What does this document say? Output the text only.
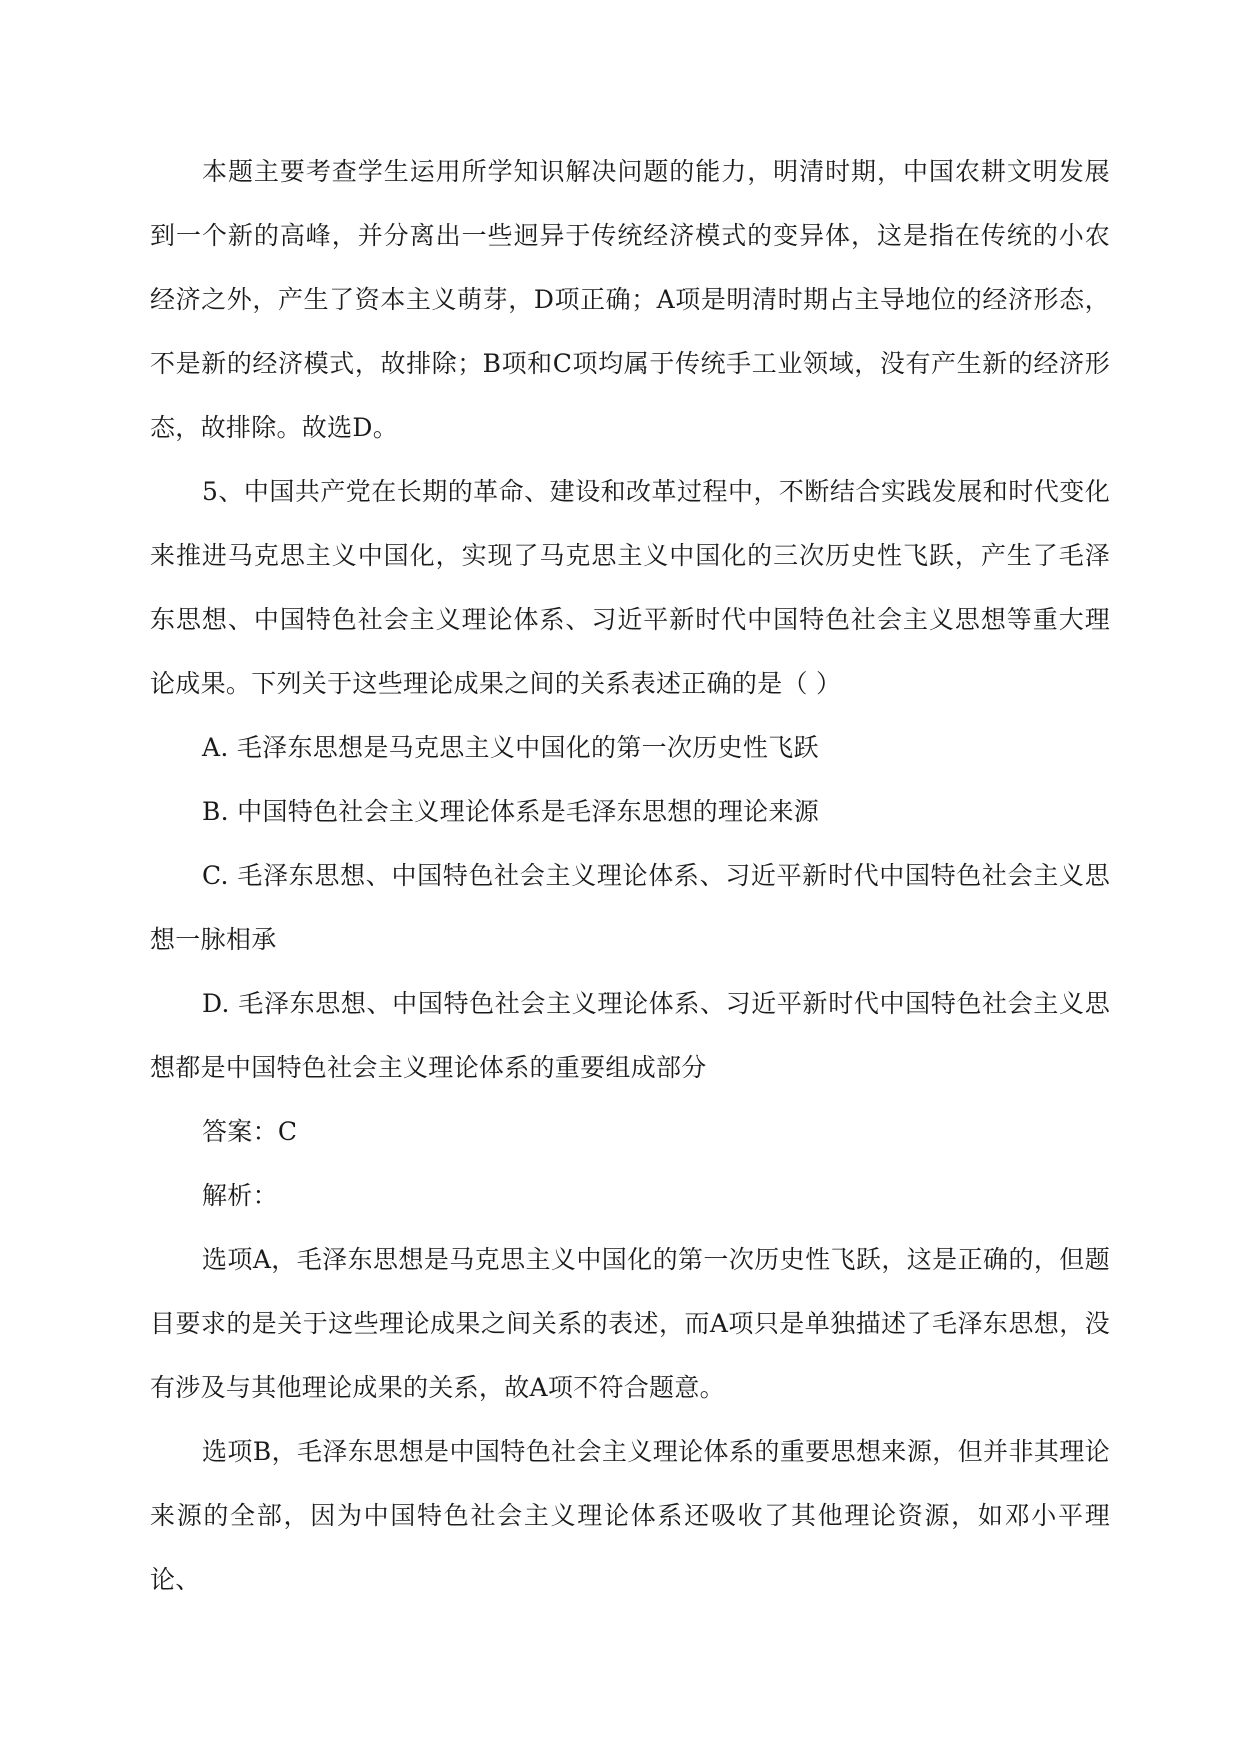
本题主要考查学生运用所学知识解决问题的能力，明清时期，中国农耕文明发展到一个新的高峰，并分离出一些迥异于传统经济模式的变异体，这是指在传统的小农经济之外，产生了资本主义萌芽，D项正确；A项是明清时期占主导地位的经济形态，不是新的经济模式，故排除；B项和C项均属于传统手工业领域，没有产生新的经济形态，故排除。故选D。

5、中国共产党在长期的革命、建设和改革过程中，不断结合实践发展和时代变化来推进马克思主义中国化，实现了马克思主义中国化的三次历史性飞跃，产生了毛泽东思想、中国特色社会主义理论体系、习近平新时代中国特色社会主义思想等重大理论成果。下列关于这些理论成果之间的关系表述正确的是（ ）

A. 毛泽东思想是马克思主义中国化的第一次历史性飞跃

B. 中国特色社会主义理论体系是毛泽东思想的理论来源

C. 毛泽东思想、中国特色社会主义理论体系、习近平新时代中国特色社会主义思想一脉相承

D. 毛泽东思想、中国特色社会主义理论体系、习近平新时代中国特色社会主义思想都是中国特色社会主义理论体系的重要组成部分

答案：C

解析：

选项A，毛泽东思想是马克思主义中国化的第一次历史性飞跃，这是正确的，但题目要求的是关于这些理论成果之间关系的表述，而A项只是单独描述了毛泽东思想，没有涉及与其他理论成果的关系，故A项不符合题意。

选项B，毛泽东思想是中国特色社会主义理论体系的重要思想来源，但并非其理论来源的全部，因为中国特色社会主义理论体系还吸收了其他理论资源，如邓小平理论、
